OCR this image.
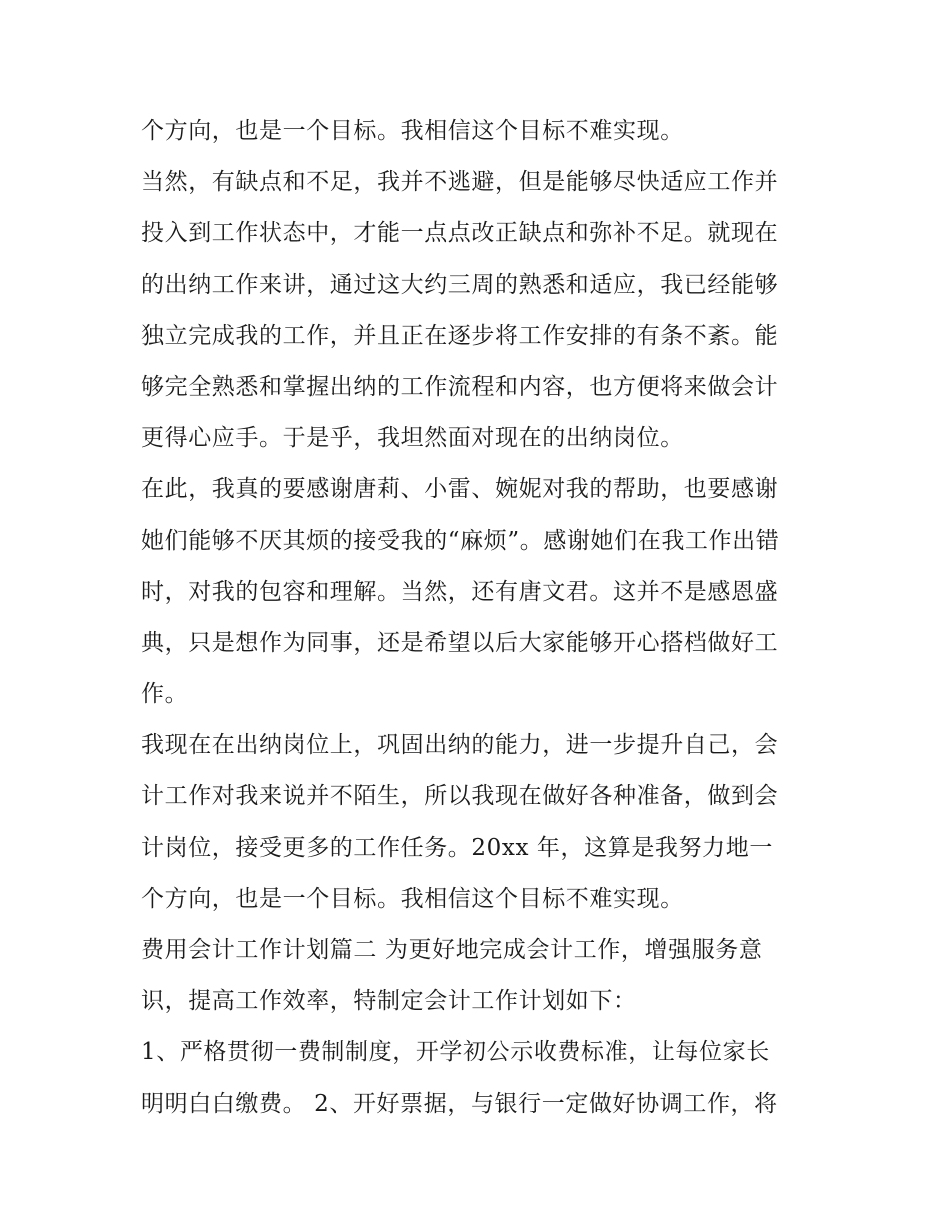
个方向，也是一个目标。我相信这个目标不难实现。
当然，有缺点和不足，我并不逃避，但是能够尽快适应工作并
投入到工作状态中，才能一点点改正缺点和弥补不足。就现在
的出纳工作来讲，通过这大约三周的熟悉和适应，我已经能够
独立完成我的工作，并且正在逐步将工作安排的有条不紊。能
够完全熟悉和掌握出纳的工作流程和内容，也方便将来做会计
更得心应手。于是乎，我坦然面对现在的出纳岗位。
在此，我真的要感谢唐莉、小雷、婉妮对我的帮助，也要感谢
她们能够不厌其烦的接受我的“麻烦”。感谢她们在我工作出错
时，对我的包容和理解。当然，还有唐文君。这并不是感恩盛
典，只是想作为同事，还是希望以后大家能够开心搭档做好工
作。
我现在在出纳岗位上，巩固出纳的能力，进一步提升自己，会
计工作对我来说并不陌生，所以我现在做好各种准备，做到会
计岗位，接受更多的工作任务。20xx 年，这算是我努力地一
个方向，也是一个目标。我相信这个目标不难实现。
费用会计工作计划篇二 为更好地完成会计工作，增强服务意
识，提高工作效率，特制定会计工作计划如下：
1、严格贯彻一费制制度，开学初公示收费标准，让每位家长
明明白白缴费。 2、开好票据，与银行一定做好协调工作，将
